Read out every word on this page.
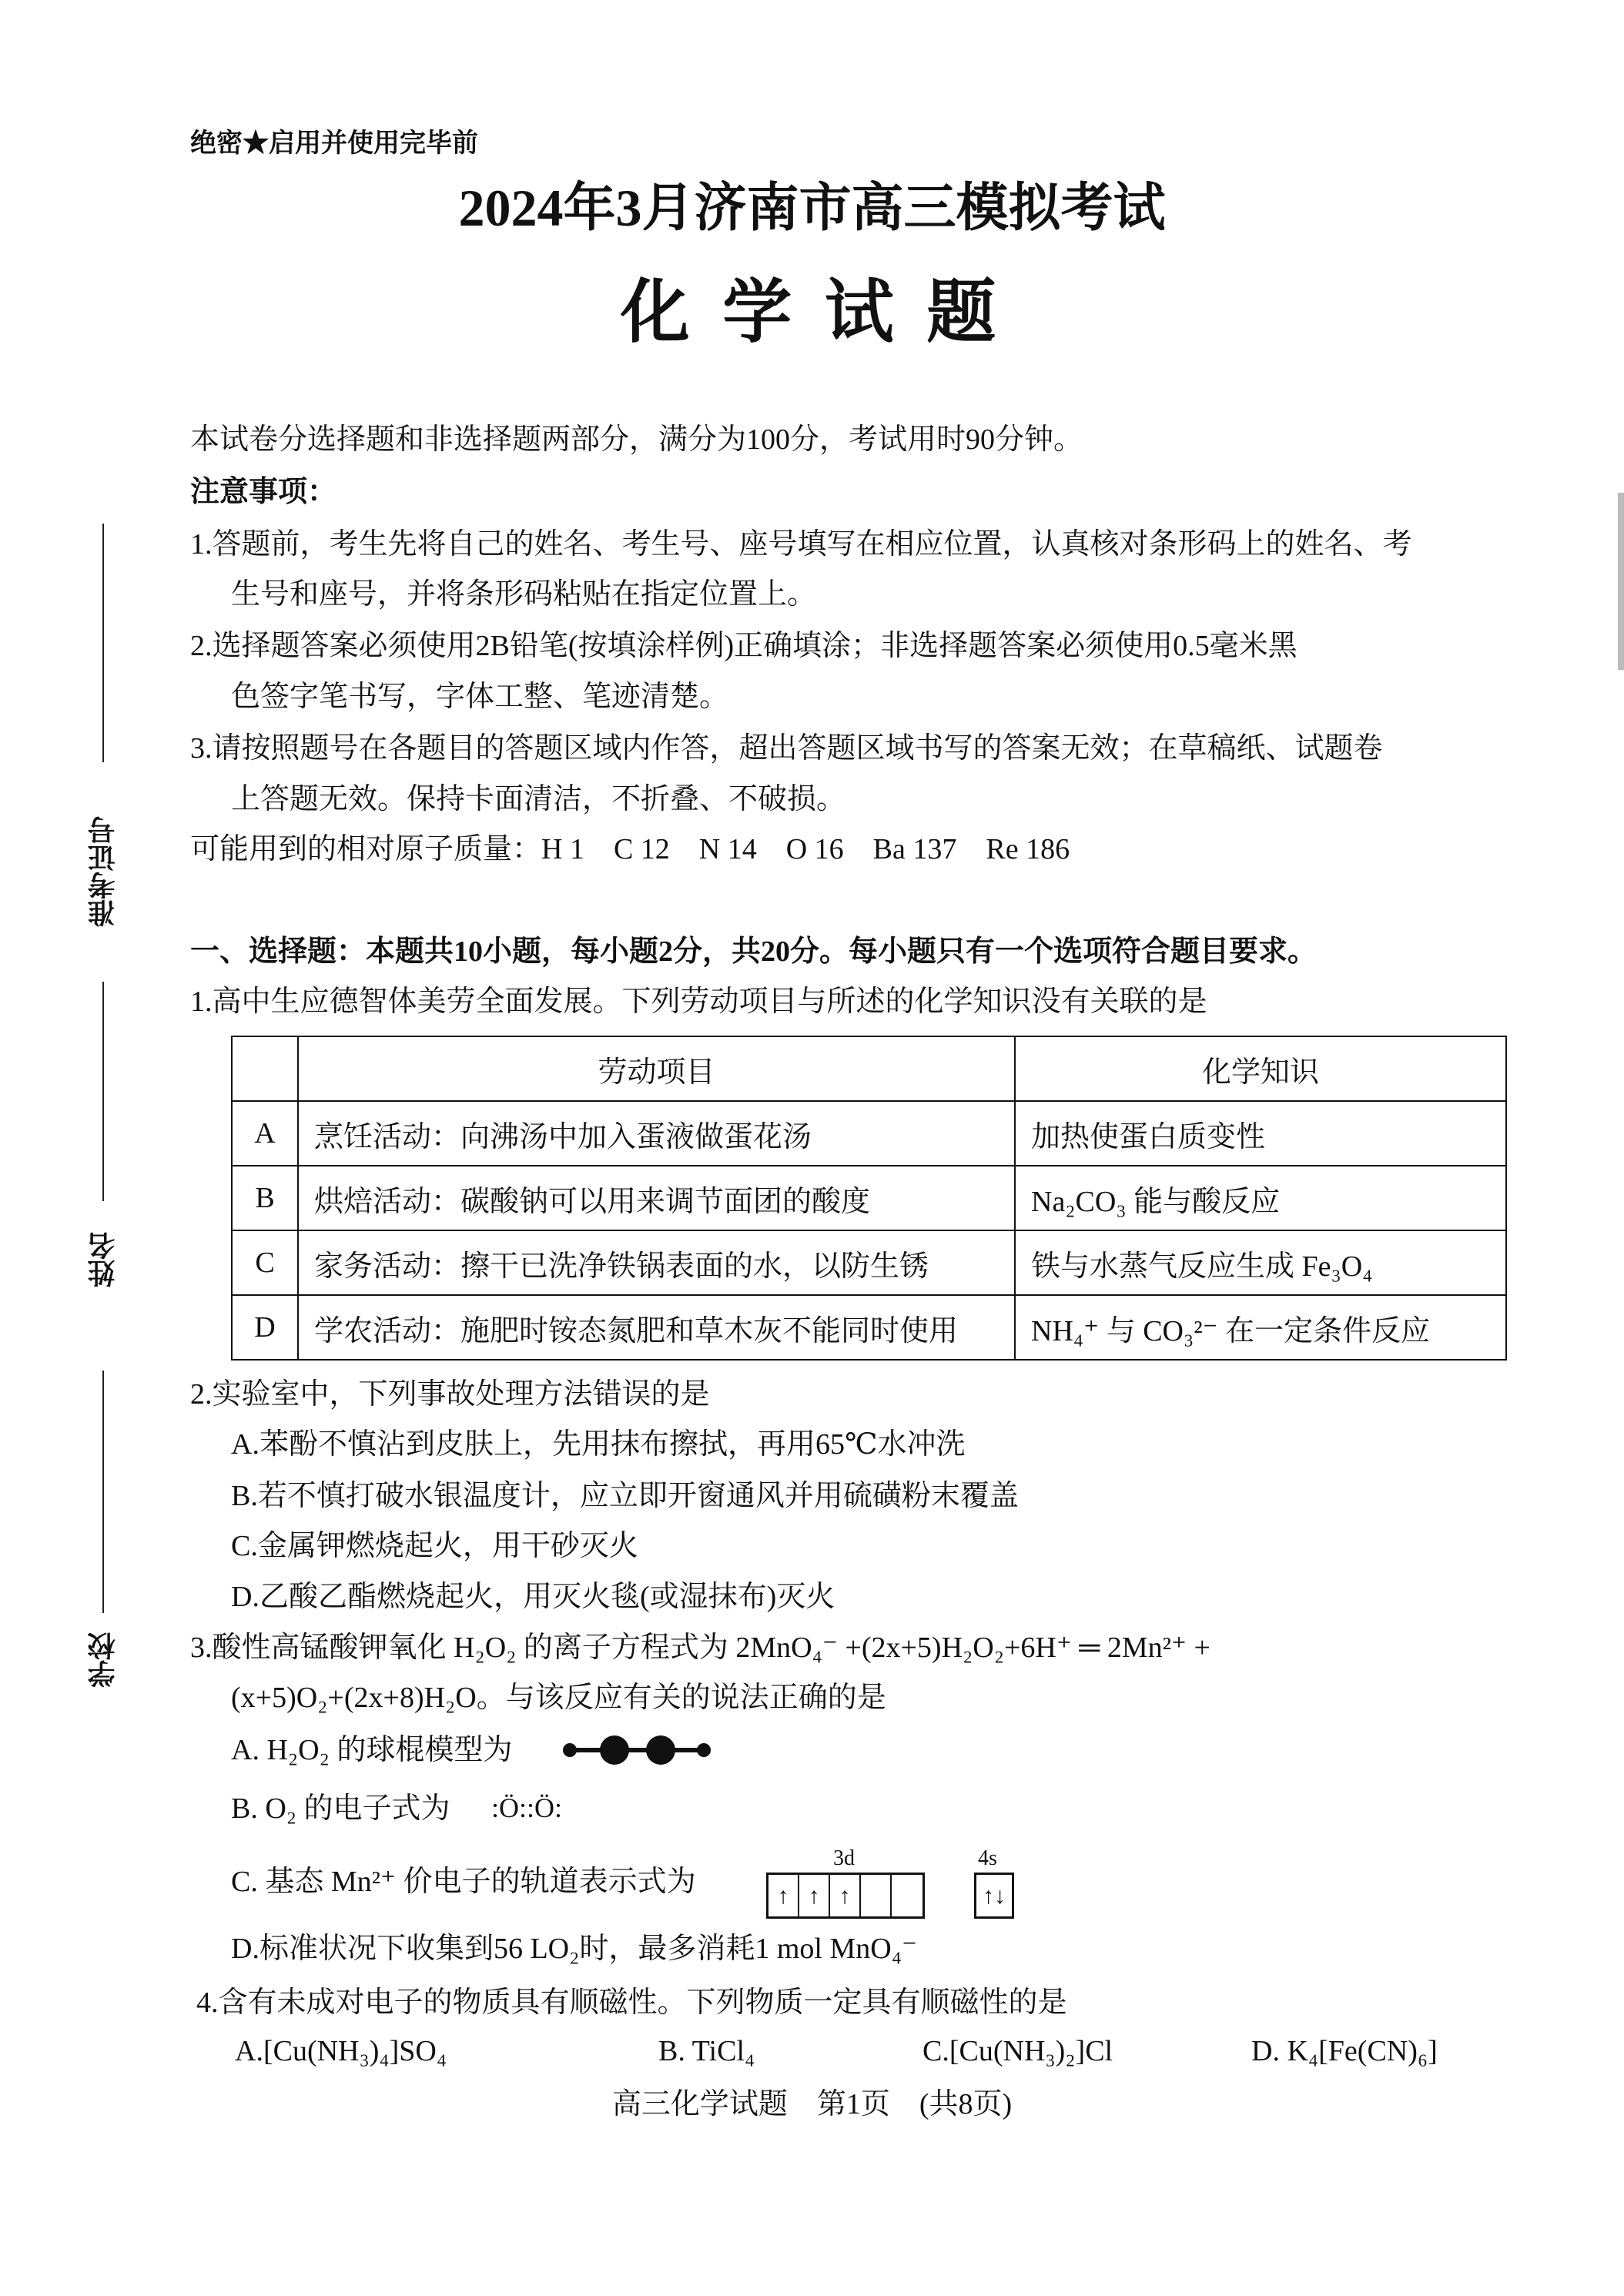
绝密★启用并使用完毕前
2024年3月济南市高三模拟考试
化 学 试 题
准考证号
姓名
学校
本试卷分选择题和非选择题两部分，满分为100分，考试用时90分钟。
注意事项：
1.答题前，考生先将自己的姓名、考生号、座号填写在相应位置，认真核对条形码上的姓名、考
生号和座号，并将条形码粘贴在指定位置上。
2.选择题答案必须使用2B铅笔(按填涂样例)正确填涂；非选择题答案必须使用0.5毫米黑
色签字笔书写，字体工整、笔迹清楚。
3.请按照题号在各题目的答题区域内作答，超出答题区域书写的答案无效；在草稿纸、试题卷
上答题无效。保持卡面清洁，不折叠、不破损。
可能用到的相对原子质量：H 1　C 12　N 14　O 16　Ba 137　Re 186
一、选择题：本题共10小题，每小题2分，共20分。每小题只有一个选项符合题目要求。
1.高中生应德智体美劳全面发展。下列劳动项目与所述的化学知识没有关联的是
	劳动项目	化学知识
A	烹饪活动：向沸汤中加入蛋液做蛋花汤	加热使蛋白质变性
B	烘焙活动：碳酸钠可以用来调节面团的酸度	Na₂CO₃ 能与酸反应
C	家务活动：擦干已洗净铁锅表面的水，以防生锈	铁与水蒸气反应生成 Fe₃O₄
D	学农活动：施肥时铵态氮肥和草木灰不能同时使用	NH₄⁺ 与 CO₃²⁻ 在一定条件反应
2.实验室中，下列事故处理方法错误的是
A.苯酚不慎沾到皮肤上，先用抹布擦拭，再用65℃水冲洗
B.若不慎打破水银温度计，应立即开窗通风并用硫磺粉末覆盖
C.金属钾燃烧起火，用干砂灭火
D.乙酸乙酯燃烧起火，用灭火毯(或湿抹布)灭火
3.酸性高锰酸钾氧化 H₂O₂ 的离子方程式为 2MnO₄⁻ +(2x+5)H₂O₂+6H⁺ ═ 2Mn²⁺ +
(x+5)O₂+(2x+8)H₂O。与该反应有关的说法正确的是
A. H₂O₂ 的球棍模型为
B. O₂ 的电子式为 :Ö::Ö:
C. 基态 Mn²⁺ 价电子的轨道表示式为
3d	4s
↑ ↑ ↑	↑↓
D.标准状况下收集到56 LO₂时，最多消耗1 mol MnO₄⁻
4.含有未成对电子的物质具有顺磁性。下列物质一定具有顺磁性的是
A.[Cu(NH₃)₄]SO₄	B. TiCl₄	C.[Cu(NH₃)₂]Cl	D. K₄[Fe(CN)₆]
高三化学试题　第1页　(共8页)
